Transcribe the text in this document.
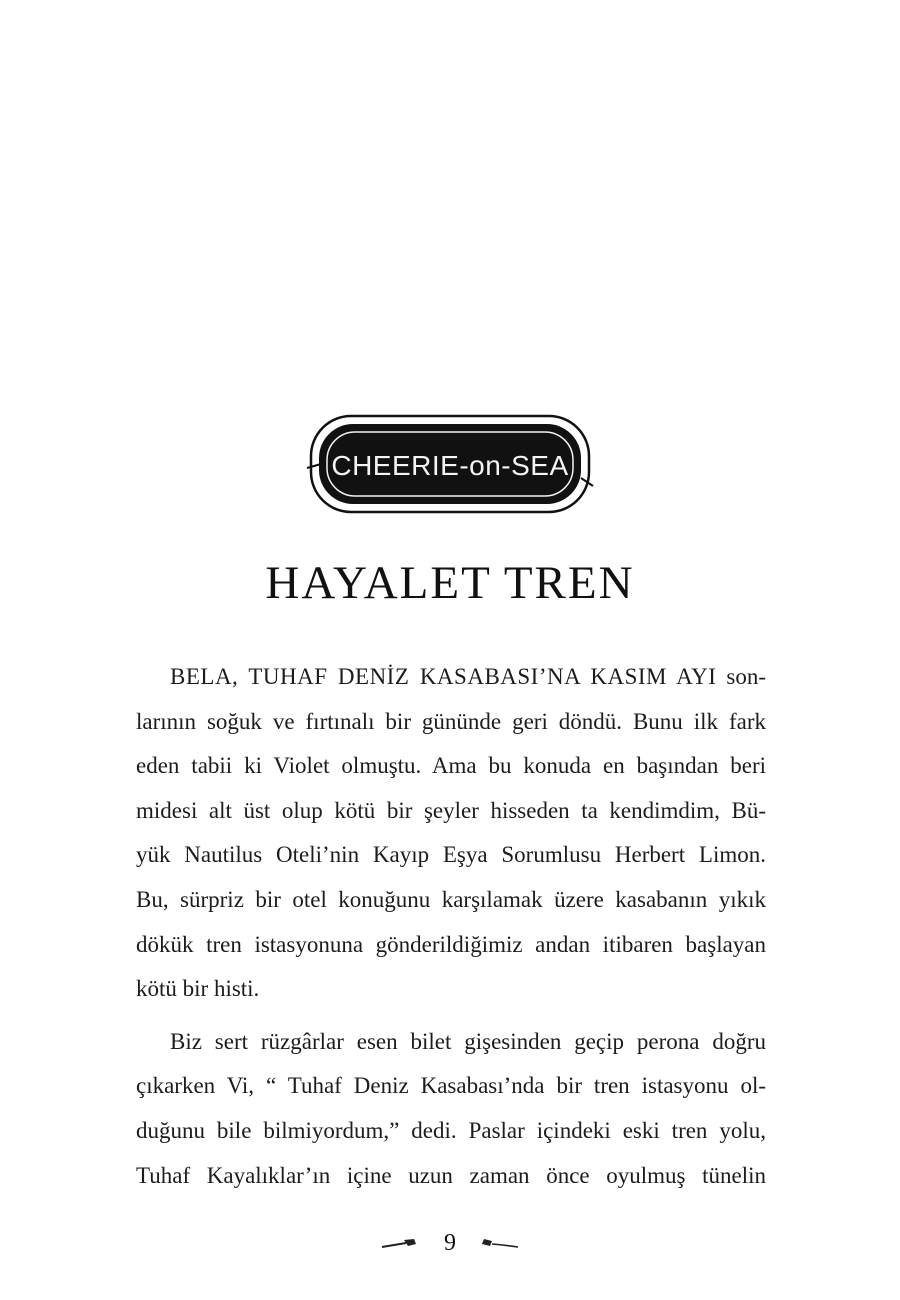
CHEERIE-on-SEA
HAYALET TREN
BELA, TUHAF DENİZ KASABASI’NA KASIM AYI son-
larının soğuk ve fırtınalı bir gününde geri döndü. Bunu ilk fark
eden tabii ki Violet olmuştu. Ama bu konuda en başından beri
midesi alt üst olup kötü bir şeyler hisseden ta kendimdim, Bü-
yük Nautilus Oteli’nin Kayıp Eşya Sorumlusu Herbert Limon.
Bu, sürpriz bir otel konuğunu karşılamak üzere kasabanın yıkık
dökük tren istasyonuna gönderildiğimiz andan itibaren başlayan
kötü bir histi.
Biz sert rüzgârlar esen bilet gişesinden geçip perona doğru
çıkarken Vi, “ Tuhaf Deniz Kasabası’nda bir tren istasyonu ol-
duğunu bile bilmiyordum,” dedi. Paslar içindeki eski tren yolu,
Tuhaf Kayalıklar’ın içine uzun zaman önce oyulmuş tünelin
9
